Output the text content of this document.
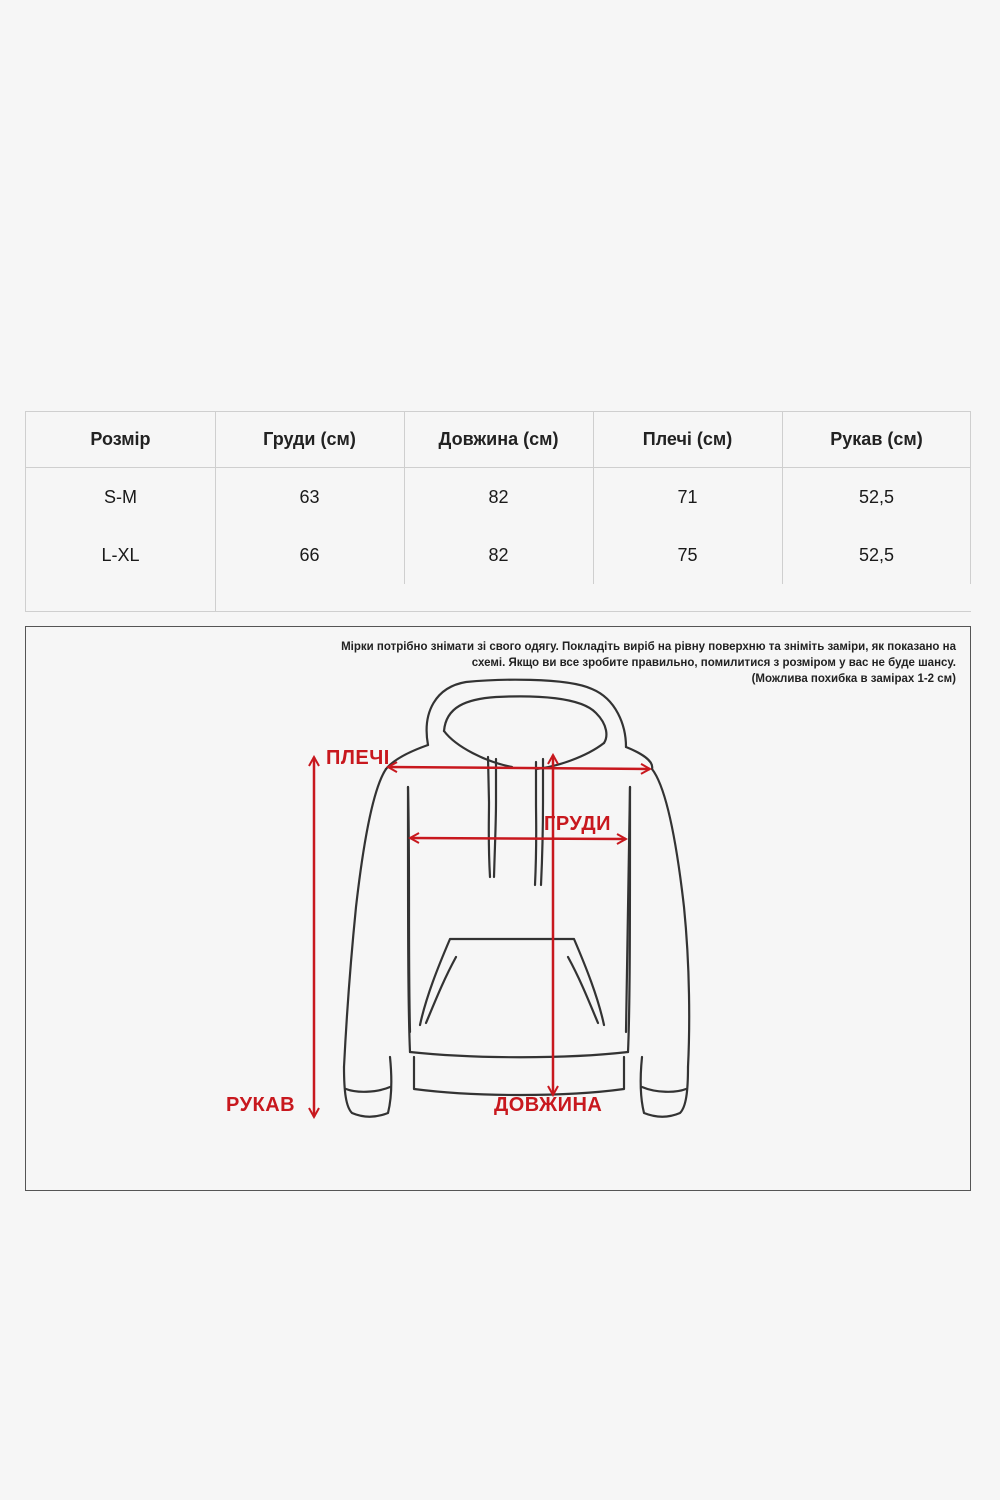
Розмір	Груди (см)	Довжина (см)	Плечі (см)	Рукав (см)
S-M	63	82	71	52,5
L-XL	66	82	75	52,5
Мірки потрібно знімати зі свого одягу. Покладіть виріб на рівну поверхню та зніміть заміри, як показано на
схемі. Якщо ви все зробите правильно, помилитися з розміром у вас не буде шансу.
(Можлива похибка в замірах 1-2 см)
ПЛЕЧІ
ГРУДИ
РУКАВ	ДОВЖИНА
